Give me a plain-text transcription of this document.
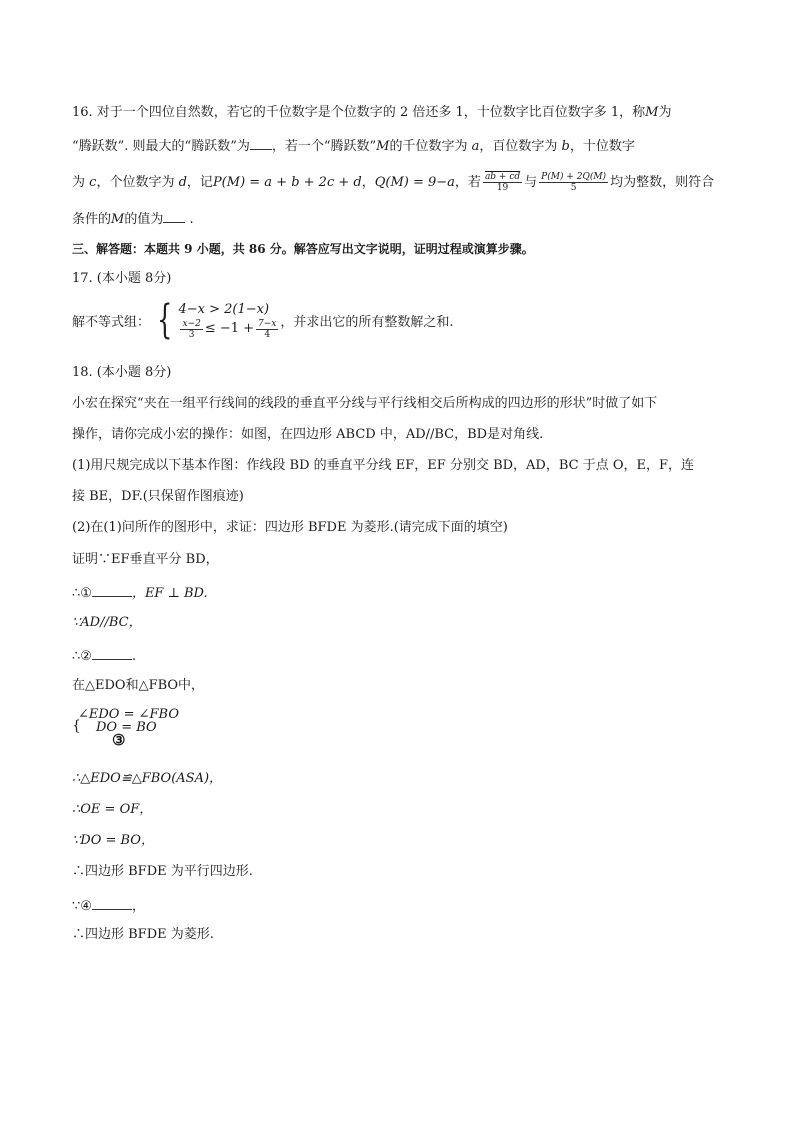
16. 对于一个四位自然数，若它的千位数字是个位数字的 2 倍还多 1，十位数字比百位数字多 1，称M为
“腾跃数”. 则最大的“腾跃数”为 ，若一个“腾跃数”M的千位数字为 a，百位数字为 b，十位数字
为 c，个位数字为 d，记P(M) = a + b + 2c + d，Q(M) = 9−a，若 $\frac{ab + cd}{19}$ 与 $\frac{P(M) + 2Q(M)}{5}$ 均为整数，则符合
条件的M的值为 .
三、解答题：本题共 9 小题，共 86 分。解答应写出文字说明，证明过程或演算步骤。
17. (本小题 8分)
解不等式组： { 4−x > 2(1−x)
$\frac{x-2}{3} \le -1 + \frac{7-x}{4}$ ，并求出它的所有整数解之和.
18. (本小题 8分)
小宏在探究“夹在一组平行线间的线段的垂直平分线与平行线相交后所构成的四边形的形状”时做了如下
操作，请你完成小宏的操作：如图，在四边形 ABCD 中，AD//BC，BD是对角线.
(1)用尺规完成以下基本作图：作线段 BD 的垂直平分线 EF，EF 分别交 BD，AD，BC 于点 O，E，F，连
接 BE，DF.(只保留作图痕迹)
(2)在(1)问所作的图形中，求证：四边形 BFDE 为菱形.(请完成下面的填空)
证明∵EF垂直平分 BD，
∴①	，EF ⊥ BD.
∵AD//BC，
∴②	.
在△EDO和△FBO中，
∠EDO = ∠FBO
DO = BO
③
{
∴△EDO≌△FBO(ASA)，
∴OE = OF，
∵DO = BO，
∴四边形 BFDE 为平行四边形.
∵④	，
∴四边形 BFDE 为菱形.
